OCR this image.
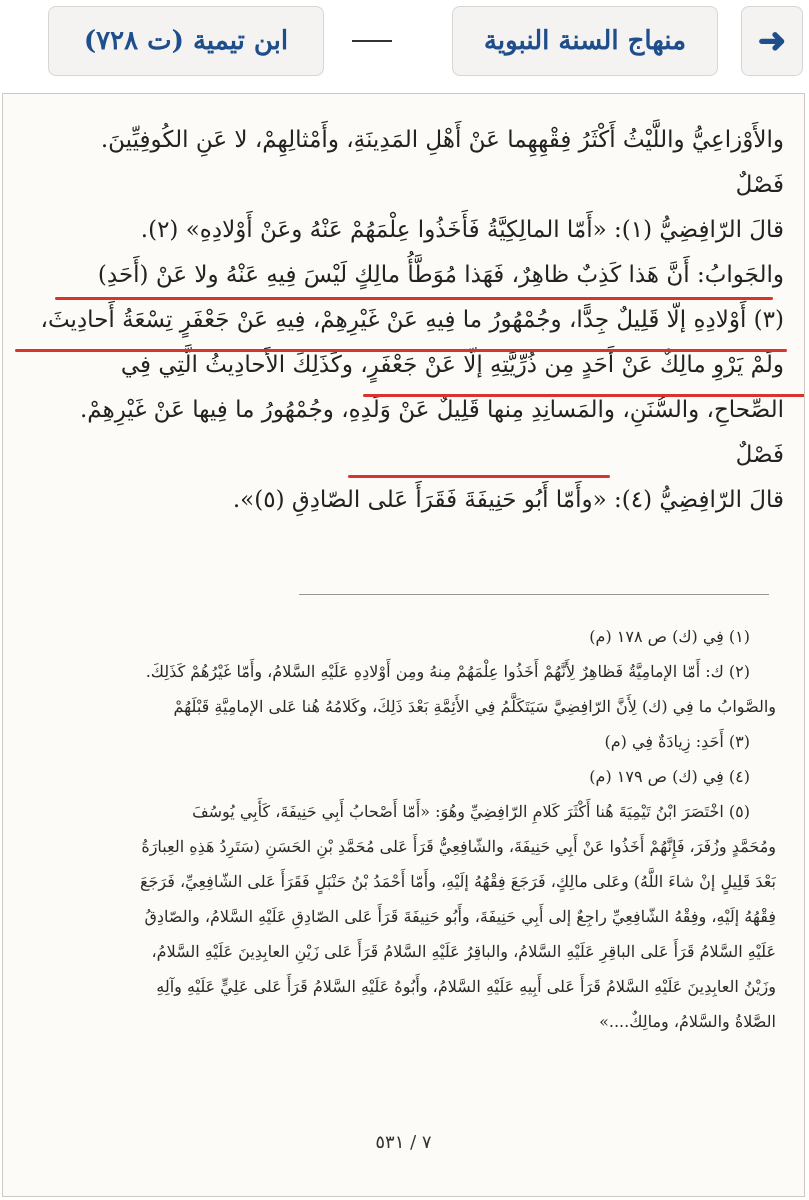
➜
منهاج السنة النبوية
ابن تيمية (ت ٧٢٨)
والأَوْزاعِيُّ واللَّيْثُ أَكْثَرُ فِقْهِهِما عَنْ أَهْلِ المَدِينَةِ، وأَمْثالِهِمْ، لا عَنِ الكُوفِيِّينَ.
فَصْلٌ
قالَ الرّافِضِيُّ (١): «أَمّا المالِكِيَّةُ فَأَخَذُوا عِلْمَهُمْ عَنْهُ وعَنْ أَوْلادِهِ» (٢).
والجَوابُ: أَنَّ هَذا كَذِبٌ ظاهِرٌ، فَهَذا مُوَطَّأُ مالِكٍ لَيْسَ فِيهِ عَنْهُ ولا عَنْ (أَحَدِ)
(٣) أَوْلادِهِ إلّا قَلِيلٌ جِدًّا، وجُمْهُورُ ما فِيهِ عَنْ غَيْرِهِمْ، فِيهِ عَنْ جَعْفَرٍ تِسْعَةُ أَحادِيثَ،
ولَمْ يَرْوِ مالِكٌ عَنْ أَحَدٍ مِن ذُرِّيَّتِهِ إلّا عَنْ جَعْفَرٍ، وكَذَلِكَ الأَحادِيثُ الَّتِي فِي
الصِّحاحِ، والسُّنَنِ، والمَسانِدِ مِنها قَلِيلٌ عَنْ وَلَدِهِ، وجُمْهُورُ ما فِيها عَنْ غَيْرِهِمْ.
فَصْلٌ
قالَ الرّافِضِيُّ (٤): «وأَمّا أَبُو حَنِيفَةَ فَقَرَأَ عَلى الصّادِقِ (٥)».
(١) فِي (ك) ص ١٧٨ (م)
(٢) ك: أَمّا الإمامِيَّةُ فَظاهِرٌ لِأَنَّهُمْ أَخَذُوا عِلْمَهُمْ مِنهُ ومِن أَوْلادِهِ عَلَيْهِ السَّلامُ، وأَمّا غَيْرُهُمْ كَذَلِكَ.
والصَّوابُ ما فِي (ك) لِأَنَّ الرّافِضِيَّ سَيَتَكَلَّمُ فِي الأَئِمَّةِ بَعْدَ ذَلِكَ، وكَلامُهُ هُنا عَلى الإمامِيَّةِ قَبْلَهُمْ
(٣) أَحَدِ: زِيادَةٌ فِي (م)
(٤) فِي (ك) ص ١٧٩ (م)
(٥) اخْتَصَرَ ابْنُ تَيْمِيَةَ هُنا أَكْثَرَ كَلامِ الرّافِضِيِّ وهُوَ: «أَمّا أَصْحابُ أَبِي حَنِيفَةَ، كَأَبِي يُوسُفَ
ومُحَمَّدٍ وزُفَرَ، فَإِنَّهُمْ أَخَذُوا عَنْ أَبِي حَنِيفَةَ، والشّافِعِيُّ قَرَأَ عَلى مُحَمَّدِ بْنِ الحَسَنِ (سَتَرِدُ هَذِهِ العِبارَةُ
بَعْدَ قَلِيلٍ إنْ شاءَ اللَّهُ) وعَلى مالِكٍ، فَرَجَعَ فِقْهُهُ إلَيْهِ، وأَمّا أَحْمَدُ بْنُ حَنْبَلٍ فَقَرَأَ عَلى الشّافِعِيِّ، فَرَجَعَ
فِقْهُهُ إلَيْهِ، وفِقْهُ الشّافِعِيِّ راجِعٌ إلى أَبِي حَنِيفَةَ، وأَبُو حَنِيفَةَ قَرَأَ عَلى الصّادِقِ عَلَيْهِ السَّلامُ، والصّادِقُ
عَلَيْهِ السَّلامُ قَرَأَ عَلى الباقِرِ عَلَيْهِ السَّلامُ، والباقِرُ عَلَيْهِ السَّلامُ قَرَأَ عَلى زَيْنِ العابِدِينَ عَلَيْهِ السَّلامُ،
وزَيْنُ العابِدِينَ عَلَيْهِ السَّلامُ قَرَأَ عَلى أَبِيهِ عَلَيْهِ السَّلامُ، وأَبُوهُ عَلَيْهِ السَّلامُ قَرَأَ عَلى عَلِيٍّ عَلَيْهِ وآلِهِ
الصَّلاةُ والسَّلامُ، ومالِكٌ....»
٧ / ٥٣١
